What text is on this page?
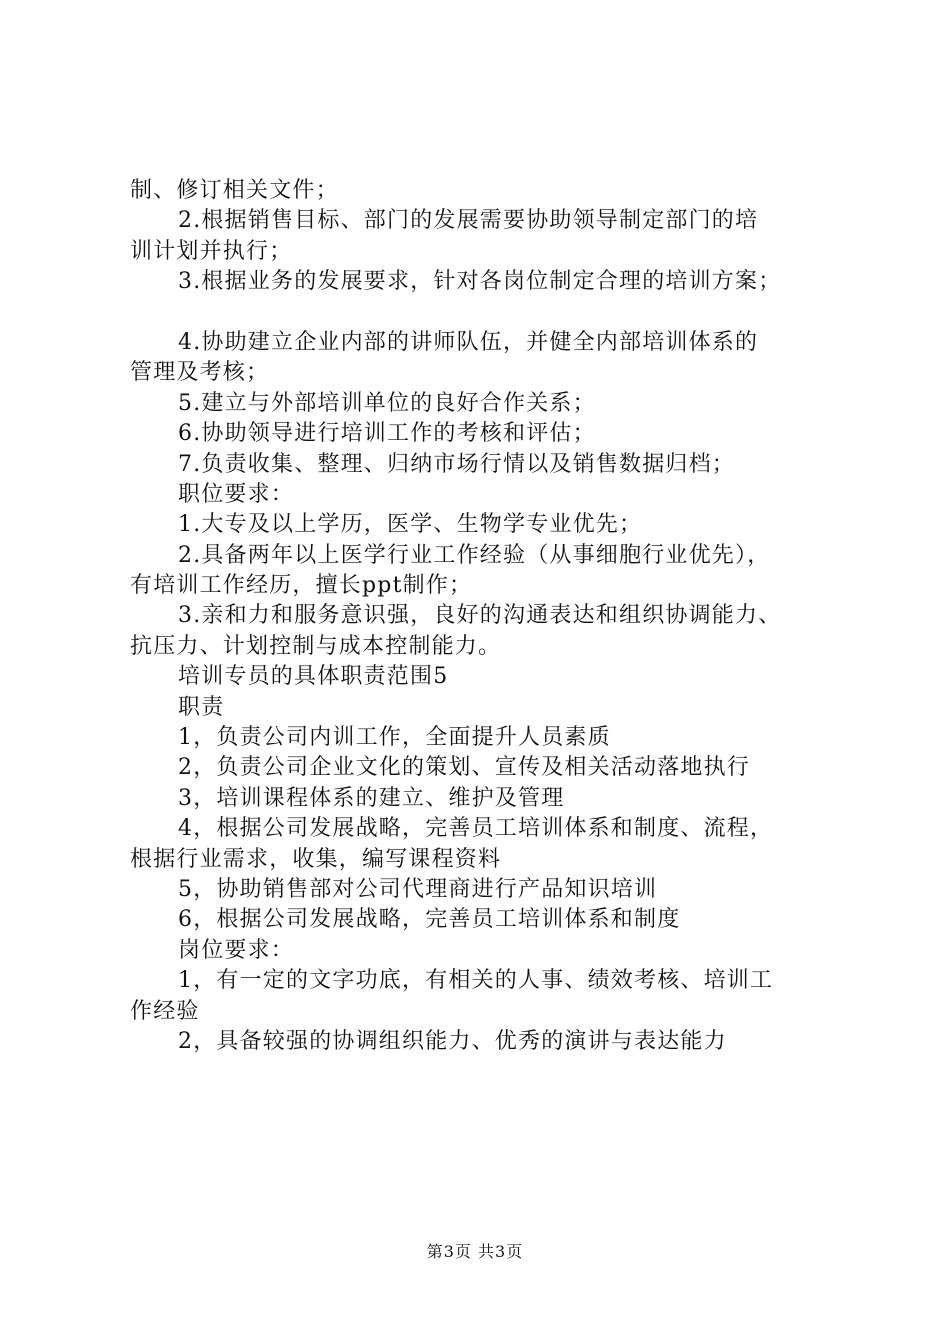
制、修订相关文件；
2.根据销售目标、部门的发展需要协助领导制定部门的培
训计划并执行；
3.根据业务的发展要求，针对各岗位制定合理的培训方案；
4.协助建立企业内部的讲师队伍，并健全内部培训体系的
管理及考核；
5.建立与外部培训单位的良好合作关系；
6.协助领导进行培训工作的考核和评估；
7.负责收集、整理、归纳市场行情以及销售数据归档；
职位要求：
1.大专及以上学历，医学、生物学专业优先；
2.具备两年以上医学行业工作经验（从事细胞行业优先），
有培训工作经历，擅长ppt制作；
3.亲和力和服务意识强，良好的沟通表达和组织协调能力、
抗压力、计划控制与成本控制能力。
培训专员的具体职责范围5
职责
1，负责公司内训工作，全面提升人员素质
2，负责公司企业文化的策划、宣传及相关活动落地执行
3，培训课程体系的建立、维护及管理
4，根据公司发展战略，完善员工培训体系和制度、流程，
根据行业需求，收集，编写课程资料
5，协助销售部对公司代理商进行产品知识培训
6，根据公司发展战略，完善员工培训体系和制度
岗位要求：
1，有一定的文字功底，有相关的人事、绩效考核、培训工
作经验
2，具备较强的协调组织能力、优秀的演讲与表达能力
第3页 共3页
